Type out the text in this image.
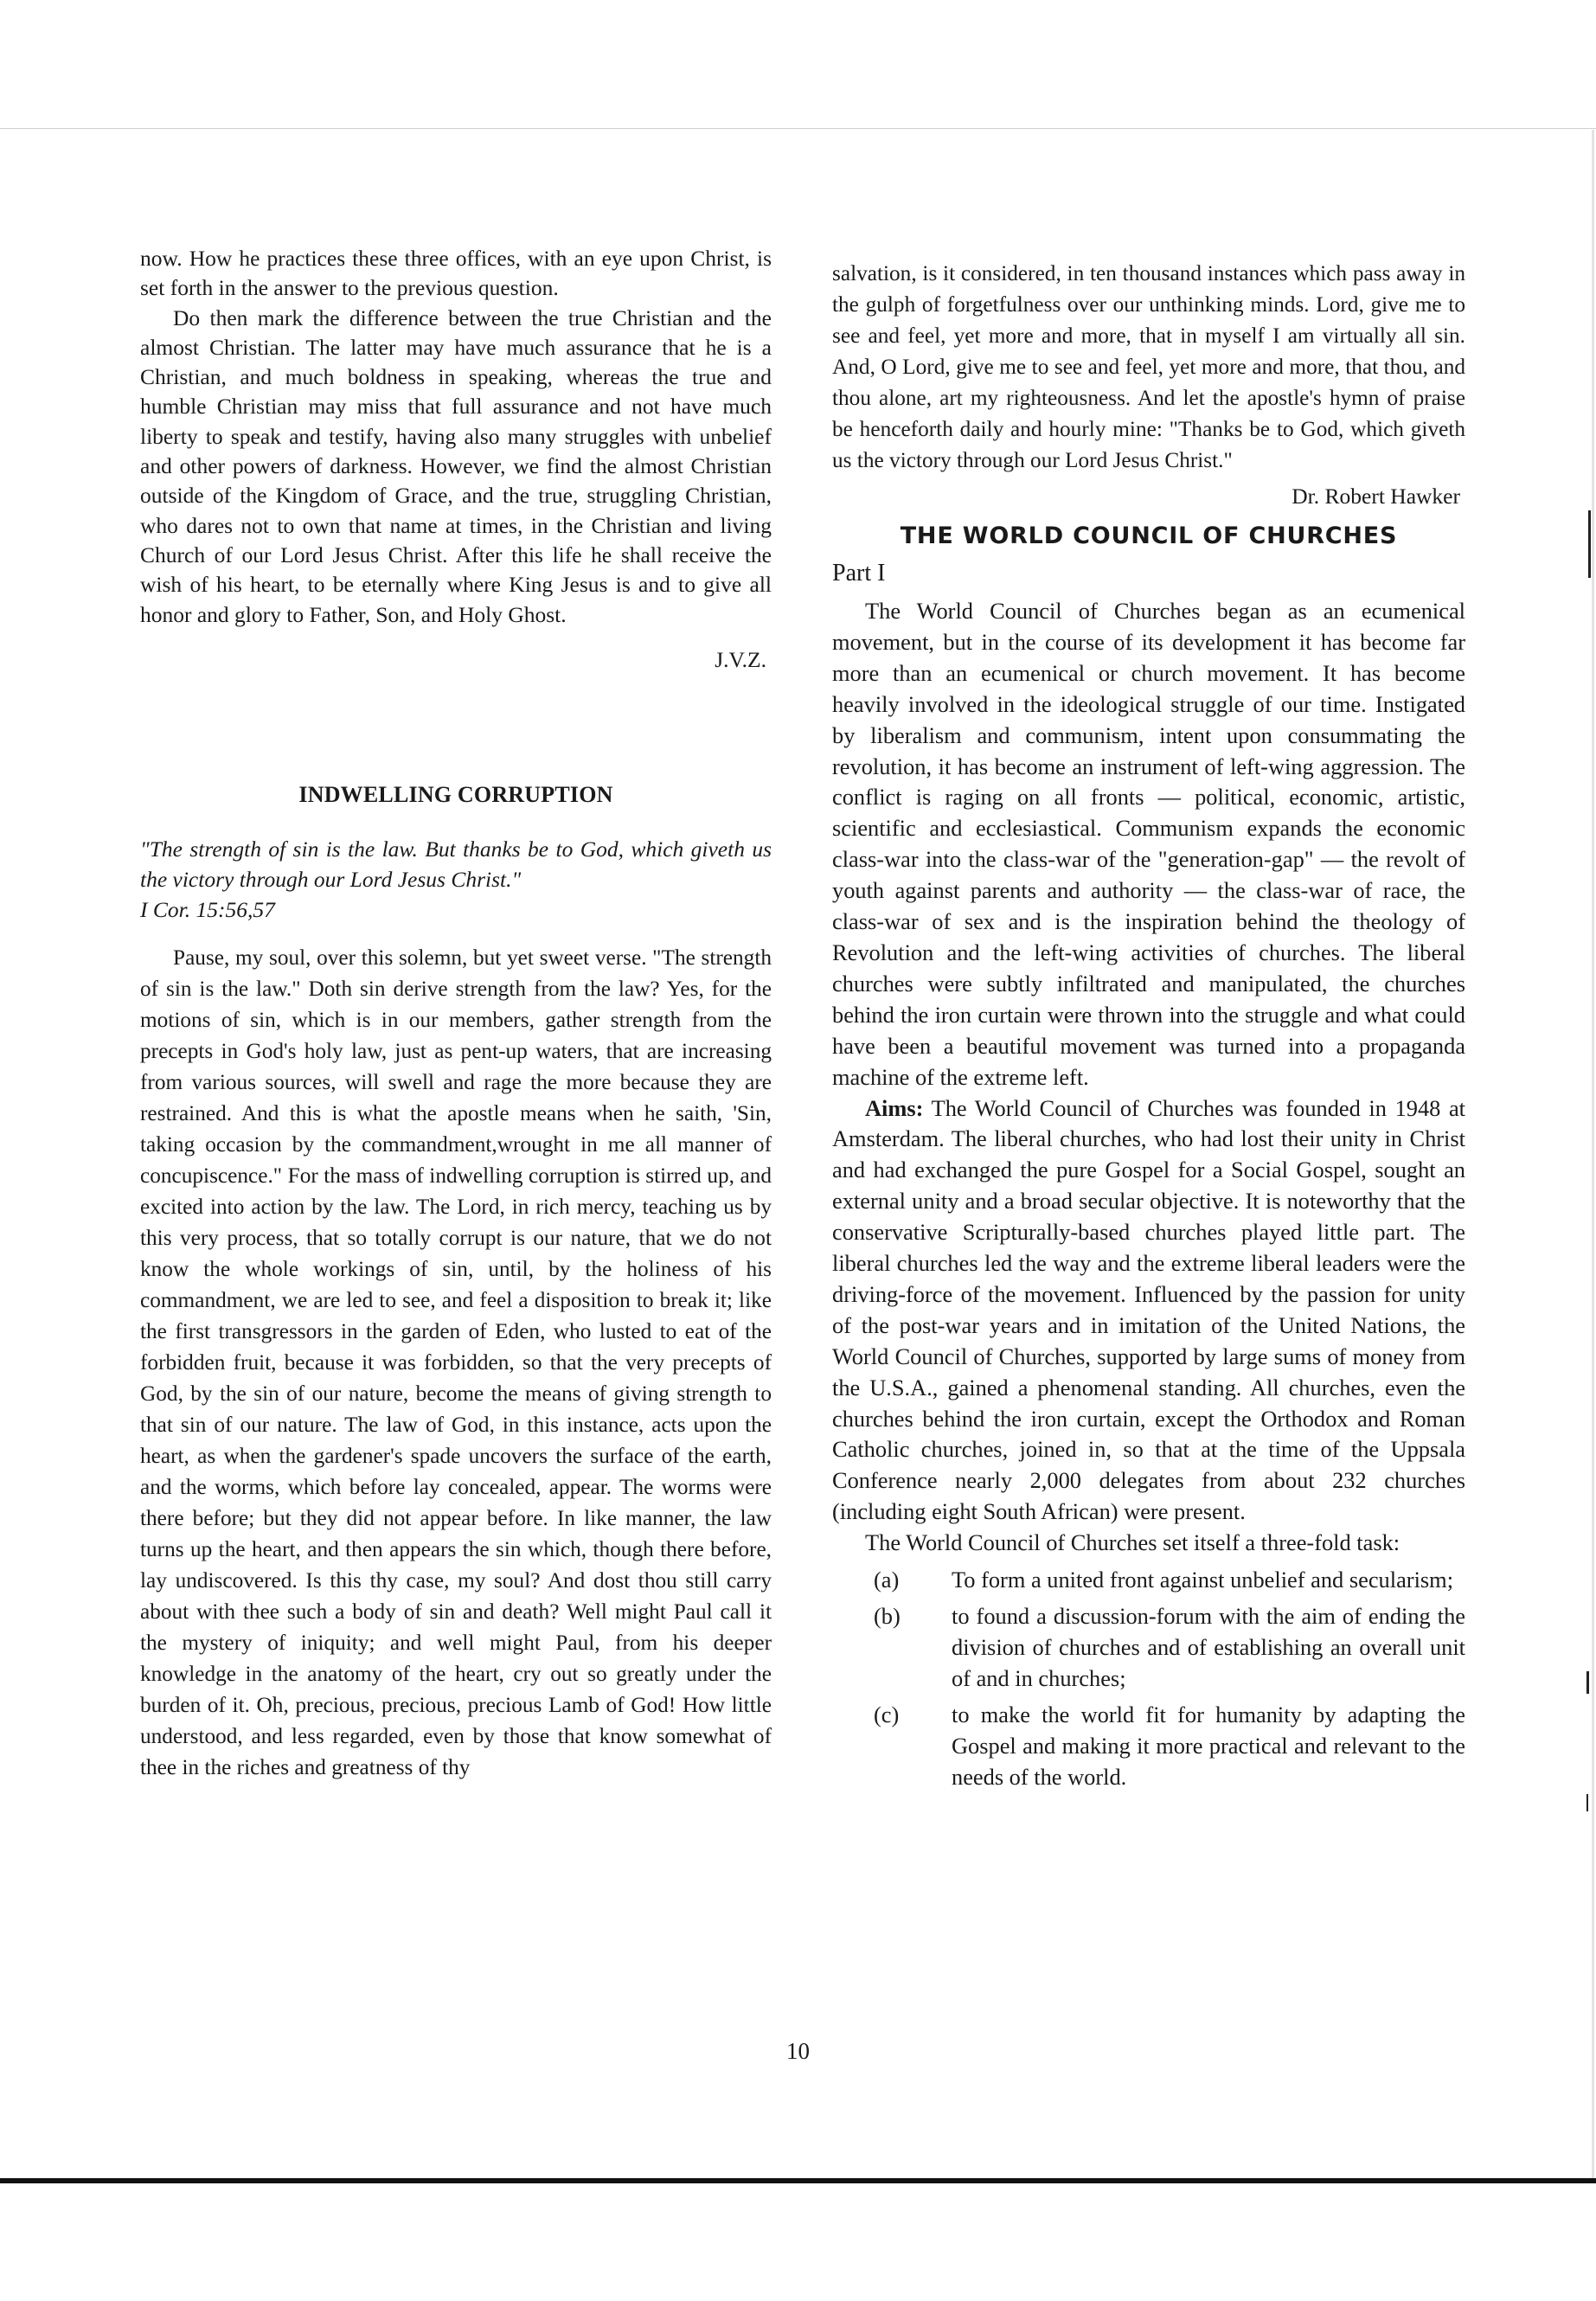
now. How he practices these three offices, with an eye upon Christ, is set forth in the answer to the previous question.

Do then mark the difference between the true Christian and the almost Christian. The latter may have much assurance that he is a Christian, and much boldness in speaking, whereas the true and humble Christian may miss that full assurance and not have much liberty to speak and testify, having also many struggles with unbelief and other powers of darkness. However, we find the almost Christian outside of the Kingdom of Grace, and the true, struggling Christian, who dares not to own that name at times, in the Christian and living Church of our Lord Jesus Christ. After this life he shall receive the wish of his heart, to be eternally where King Jesus is and to give all honor and glory to Father, Son, and Holy Ghost.

J.V.Z.
INDWELLING CORRUPTION

"The strength of sin is the law. But thanks be to God, which giveth us the victory through our Lord Jesus Christ."

I Cor. 15:56,57

Pause, my soul, over this solemn, but yet sweet verse. "The strength of sin is the law." Doth sin derive strength from the law? Yes, for the motions of sin, which is in our members, gather strength from the precepts in God's holy law, just as pent-up waters, that are increasing from various sources, will swell and rage the more because they are restrained. And this is what the apostle means when he saith, 'Sin, taking occasion by the commandment,wrought in me all manner of concupiscence." For the mass of indwelling corruption is stirred up, and excited into action by the law. The Lord, in rich mercy, teaching us by this very process, that so totally corrupt is our nature, that we do not know the whole workings of sin, until, by the holiness of his commandment, we are led to see, and feel a disposition to break it; like the first transgressors in the garden of Eden, who lusted to eat of the forbidden fruit, because it was forbidden, so that the very precepts of God, by the sin of our nature, become the means of giving strength to that sin of our nature. The law of God, in this instance, acts upon the heart, as when the gardener's spade uncovers the surface of the earth, and the worms, which before lay concealed, appear. The worms were there before; but they did not appear before. In like manner, the law turns up the heart, and then appears the sin which, though there before, lay undiscovered. Is this thy case, my soul? And dost thou still carry about with thee such a body of sin and death? Well might Paul call it the mystery of iniquity; and well might Paul, from his deeper knowledge in the anatomy of the heart, cry out so greatly under the burden of it. Oh, precious, precious, precious Lamb of God! How little understood, and less regarded, even by those that know somewhat of thee in the riches and greatness of thy

salvation, is it considered, in ten thousand instances which pass away in the gulph of forgetfulness over our unthinking minds. Lord, give me to see and feel, yet more and more, that in myself I am virtually all sin. And, O Lord, give me to see and feel, yet more and more, that thou, and thou alone, art my righteousness. And let the apostle's hymn of praise be henceforth daily and hourly mine: "Thanks be to God, which giveth us the victory through our Lord Jesus Christ."

Dr. Robert Hawker
THE WORLD COUNCIL OF CHURCHES
Part I

The World Council of Churches began as an ecumenical movement, but in the course of its development it has become far more than an ecumenical or church movement. It has become heavily involved in the ideological struggle of our time. Instigated by liberalism and communism, intent upon consummating the revolution, it has become an instrument of left-wing aggression. The conflict is raging on all fronts — political, economic, artistic, scientific and ecclesiastical. Communism expands the economic class-war into the class-war of the "generation-gap" — the revolt of youth against parents and authority — the class-war of race, the class-war of sex and is the inspiration behind the theology of Revolution and the left-wing activities of churches. The liberal churches were subtly infiltrated and manipulated, the churches behind the iron curtain were thrown into the struggle and what could have been a beautiful movement was turned into a propaganda machine of the extreme left.

Aims: The World Council of Churches was founded in 1948 at Amsterdam. The liberal churches, who had lost their unity in Christ and had exchanged the pure Gospel for a Social Gospel, sought an external unity and a broad secular objective. It is noteworthy that the conservative Scripturally-based churches played little part. The liberal churches led the way and the extreme liberal leaders were the driving-force of the movement. Influenced by the passion for unity of the post-war years and in imitation of the United Nations, the World Council of Churches, supported by large sums of money from the U.S.A., gained a phenomenal standing. All churches, even the churches behind the iron curtain, except the Orthodox and Roman Catholic churches, joined in, so that at the time of the Uppsala Conference nearly 2,000 delegates from about 232 churches (including eight South African) were present.

The World Council of Churches set itself a three-fold task:

(a)	To form a united front against unbelief and secularism;
(b)	to found a discussion-forum with the aim of ending the division of churches and of establishing an overall unit of and in churches;
(c)	to make the world fit for humanity by adapting the Gospel and making it more practical and relevant to the needs of the world.
10
